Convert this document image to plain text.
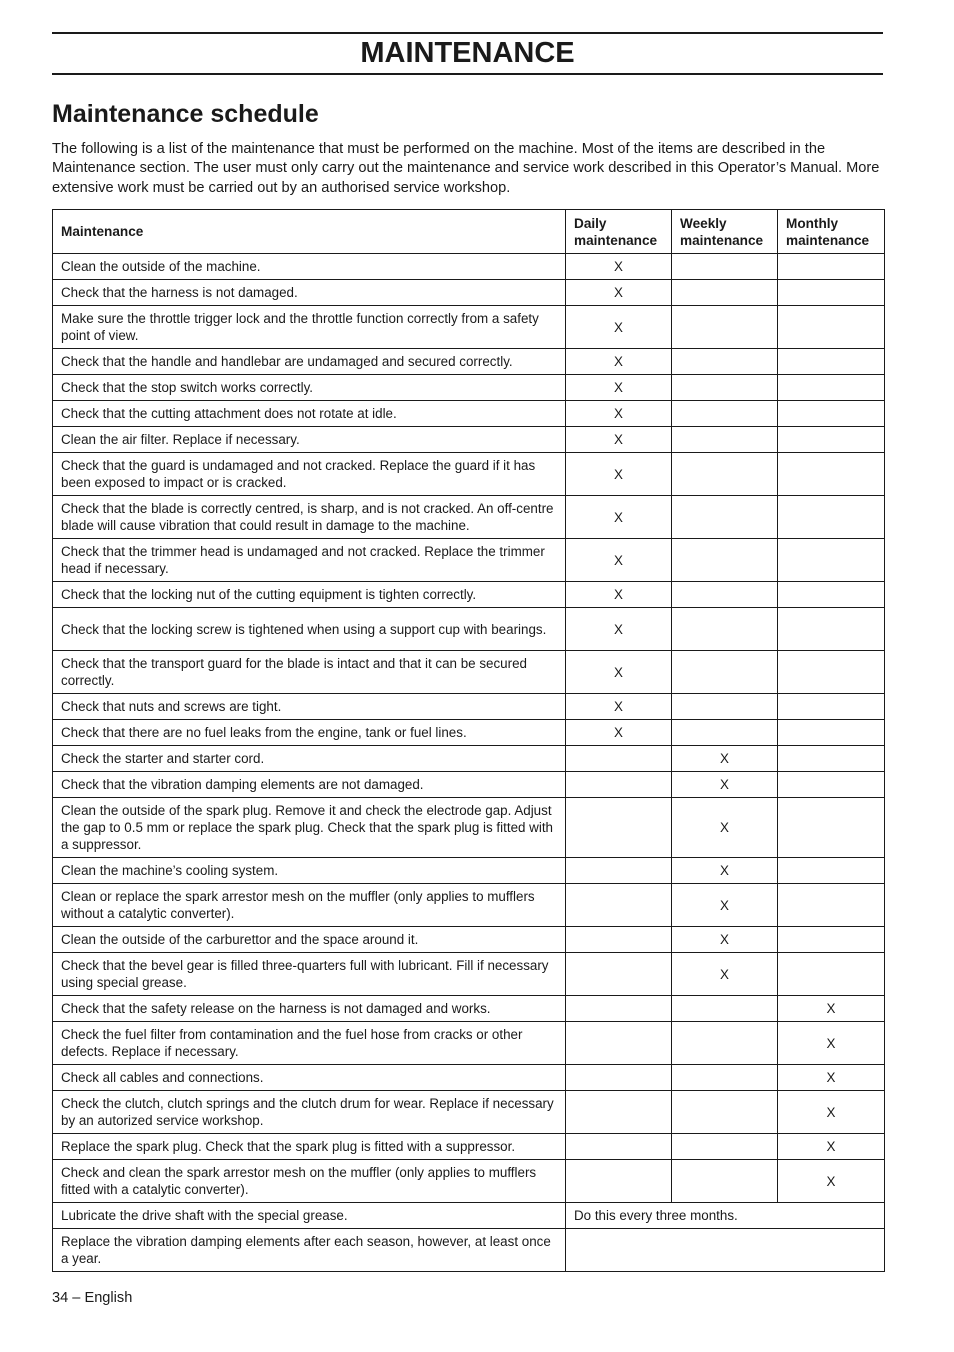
MAINTENANCE
Maintenance schedule

The following is a list of the maintenance that must be performed on the machine. Most of the items are described in the Maintenance section. The user must only carry out the maintenance and service work described in this Operator’s Manual. More extensive work must be carried out by an authorised service workshop.

Maintenance	Daily maintenance	Weekly maintenance	Monthly maintenance
Clean the outside of the machine.	X		
Check that the harness is not damaged.	X		
Make sure the throttle trigger lock and the throttle function correctly from a safety point of view.	X		
Check that the handle and handlebar are undamaged and secured correctly.	X		
Check that the stop switch works correctly.	X		
Check that the cutting attachment does not rotate at idle.	X		
Clean the air filter. Replace if necessary.	X		
Check that the guard is undamaged and not cracked. Replace the guard if it has been exposed to impact or is cracked.	X		
Check that the blade is correctly centred, is sharp, and is not cracked. An off-centre blade will cause vibration that could result in damage to the machine.	X		
Check that the trimmer head is undamaged and not cracked. Replace the trimmer head if necessary.	X		
Check that the locking nut of the cutting equipment is tighten correctly.	X		
Check that the locking screw is tightened when using a support cup with bearings.	X		
Check that the transport guard for the blade is intact and that it can be secured correctly.	X		
Check that nuts and screws are tight.	X		
Check that there are no fuel leaks from the engine, tank or fuel lines.	X		
Check the starter and starter cord.		X	
Check that the vibration damping elements are not damaged.		X	
Clean the outside of the spark plug. Remove it and check the electrode gap. Adjust the gap to 0.5 mm or replace the spark plug. Check that the spark plug is fitted with a suppressor.		X	
Clean the machine’s cooling system.		X	
Clean or replace the spark arrestor mesh on the muffler (only applies to mufflers without a catalytic converter).		X	
Clean the outside of the carburettor and the space around it.		X	
Check that the bevel gear is filled three-quarters full with lubricant. Fill if necessary using special grease.		X	
Check that the safety release on the harness is not damaged and works.			X
Check the fuel filter from contamination and the fuel hose from cracks or other defects. Replace if necessary.			X
Check all cables and connections.			X
Check the clutch, clutch springs and the clutch drum for wear. Replace if necessary by an autorized service workshop.			X
Replace the spark plug. Check that the spark plug is fitted with a suppressor.			X
Check and clean the spark arrestor mesh on the muffler (only applies to mufflers fitted with a catalytic converter).			X
Lubricate the drive shaft with the special grease.	Do this every three months.		
Replace the vibration damping elements after each season, however, at least once a year.			
34 – English
